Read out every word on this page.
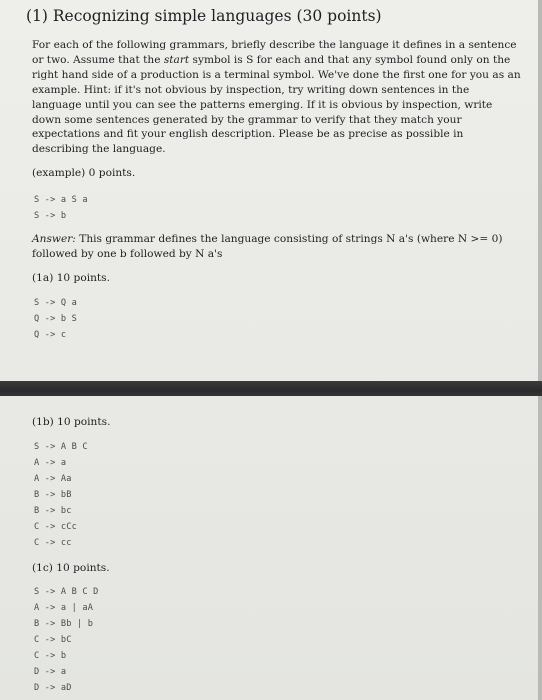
(1) Recognizing simple languages (30 points)
For each of the following grammars, briefly describe the language it defines in a sentence or two. Assume that the start symbol is S for each and that any symbol found only on the right hand side of a production is a terminal symbol. We've done the first one for you as an example. Hint: if it's not obvious by inspection, try writing down sentences in the language until you can see the patterns emerging. If it is obvious by inspection, write down some sentences generated by the grammar to verify that they match your expectations and fit your english description. Please be as precise as possible in describing the language.
(example) 0 points.
S -> a S a
S -> b
Answer: This grammar defines the language consisting of strings N a's (where N >= 0) followed by one b followed by N a's
(1a) 10 points.
S -> Q a
Q -> b S
Q -> c
(1b) 10 points.
S -> A B C
A -> a
A -> Aa
B -> bB
B -> bc
C -> cCc
C -> cc
(1c) 10 points.
S -> A B C D
A -> a | aA
B -> Bb | b
C -> bC
C -> b
D -> a
D -> aD
